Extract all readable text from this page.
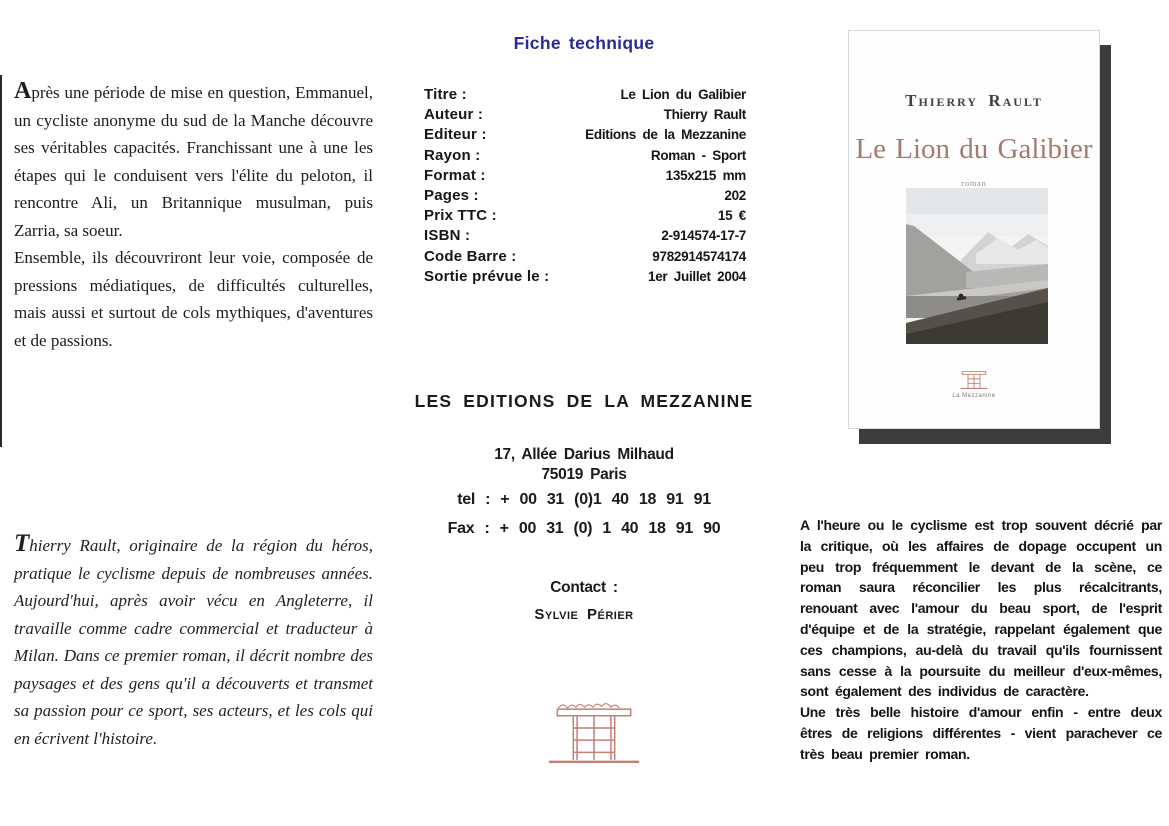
Après une période de mise en question, Emmanuel, un cycliste anonyme du sud de la Manche découvre ses véritables capacités. Franchissant une à une les étapes qui le conduisent vers l'élite du peloton, il rencontre Ali, un Britannique musulman, puis Zarria, sa soeur.

Ensemble, ils découvriront leur voie, composée de pressions médiatiques, de difficultés culturelles, mais aussi et surtout de cols mythiques, d'aventures et de passions.

Thierry Rault, originaire de la région du héros, pratique le cyclisme depuis de nombreuses années. Aujourd'hui, après avoir vécu en Angleterre, il travaille comme cadre commercial et traducteur à Milan. Dans ce premier roman, il décrit nombre des paysages et des gens qu'il a découverts et transmet sa passion pour ce sport, ses acteurs, et les cols qui en écrivent l'histoire.

Fiche technique
Titre :	Le Lion du Galibier
Auteur :	Thierry Rault
Editeur :	Editions de la Mezzanine
Rayon :	Roman - Sport
Format :	135x215 mm
Pages :	202
Prix TTC :	15 €
ISBN :	2-914574-17-7
Code Barre :	9782914574174
Sortie prévue le :	1er Juillet 2004
LES EDITIONS DE LA MEZZANINE
17, Allée Darius Milhaud
75019 Paris
tel : + 00 31 (0)1 40 18 91 91
Fax : + 00 31 (0) 1 40 18 91 90
Contact :
Sylvie Périer
Thierry Rault
Le Lion du Galibier
roman
La Mezzanine

A l'heure ou le cyclisme est trop souvent décrié par la critique, où les affaires de dopage occupent un peu trop fréquemment le devant de la scène, ce roman saura réconcilier les plus récalcitrants, renouant avec l'amour du beau sport, de l'esprit d'équipe et de la stratégie, rappelant également que ces champions, au-delà du travail qu'ils fournissent sans cesse à la poursuite du meilleur d'eux-mêmes, sont également des individus de caractère.

Une très belle histoire d'amour enfin - entre deux êtres de religions différentes - vient parachever ce très beau premier roman.
